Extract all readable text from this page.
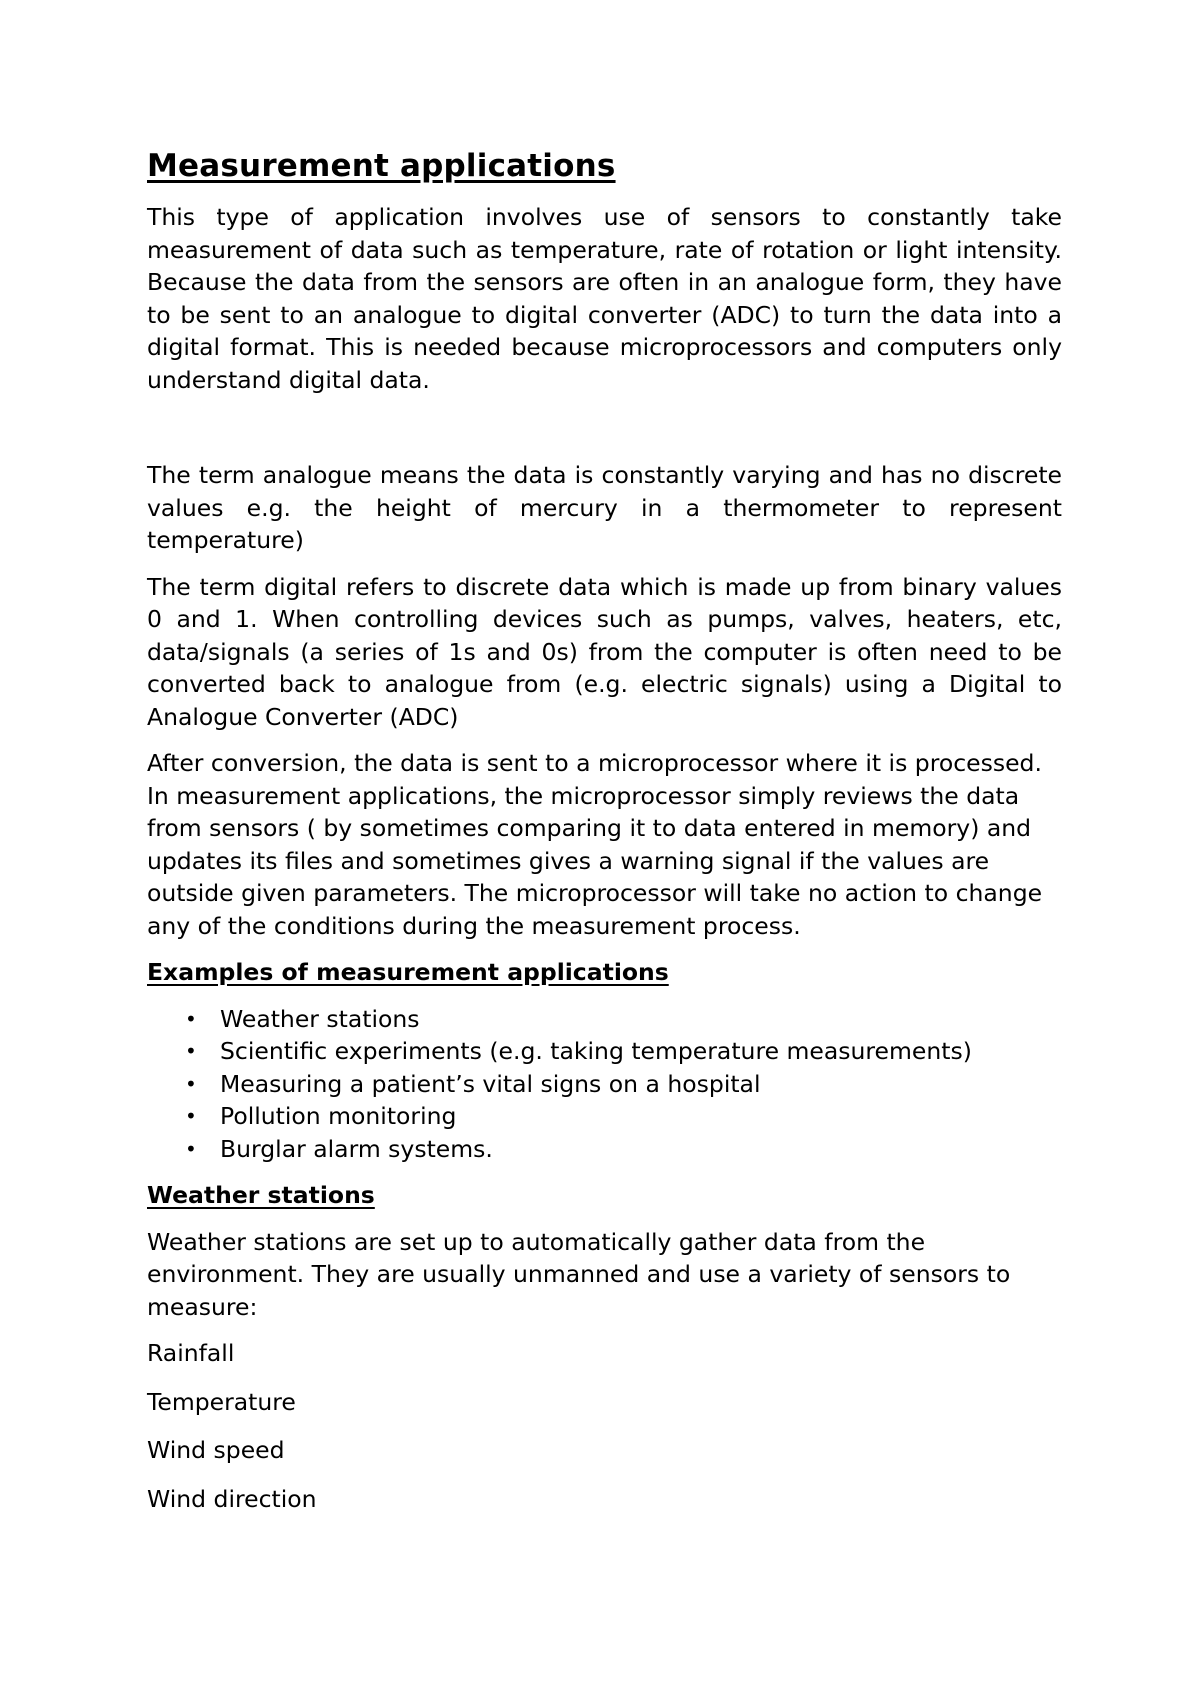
Measurement applications

This type of application involves use of sensors to constantly take measurement of data such as temperature, rate of rotation or light intensity. Because the data from the sensors are often in an analogue form, they have to be sent to an analogue to digital converter (ADC) to turn the data into a digital format. This is needed because microprocessors and computers only understand digital data.

The term analogue means the data is constantly varying and has no discrete values e.g. the height of mercury in a thermometer to represent temperature)

The term digital refers to discrete data which is made up from binary values 0 and 1. When controlling devices such as pumps, valves, heaters, etc, data/signals (a series of 1s and 0s) from the computer is often need to be converted back to analogue from (e.g. electric signals) using a Digital to Analogue Converter (ADC)

After conversion, the data is sent to a microprocessor where it is processed. In measurement applications, the microprocessor simply reviews the data from sensors ( by sometimes comparing it to data entered in memory) and updates its files and sometimes gives a warning signal if the values are outside given parameters. The microprocessor will take no action to change any of the conditions during the measurement process.

Examples of measurement applications
• Weather stations
• Scientific experiments (e.g. taking temperature measurements)
• Measuring a patient’s vital signs on a hospital
• Pollution monitoring
• Burglar alarm systems.
Weather stations

Weather stations are set up to automatically gather data from the environment. They are usually unmanned and use a variety of sensors to measure:

Rainfall
Temperature
Wind speed
Wind direction
